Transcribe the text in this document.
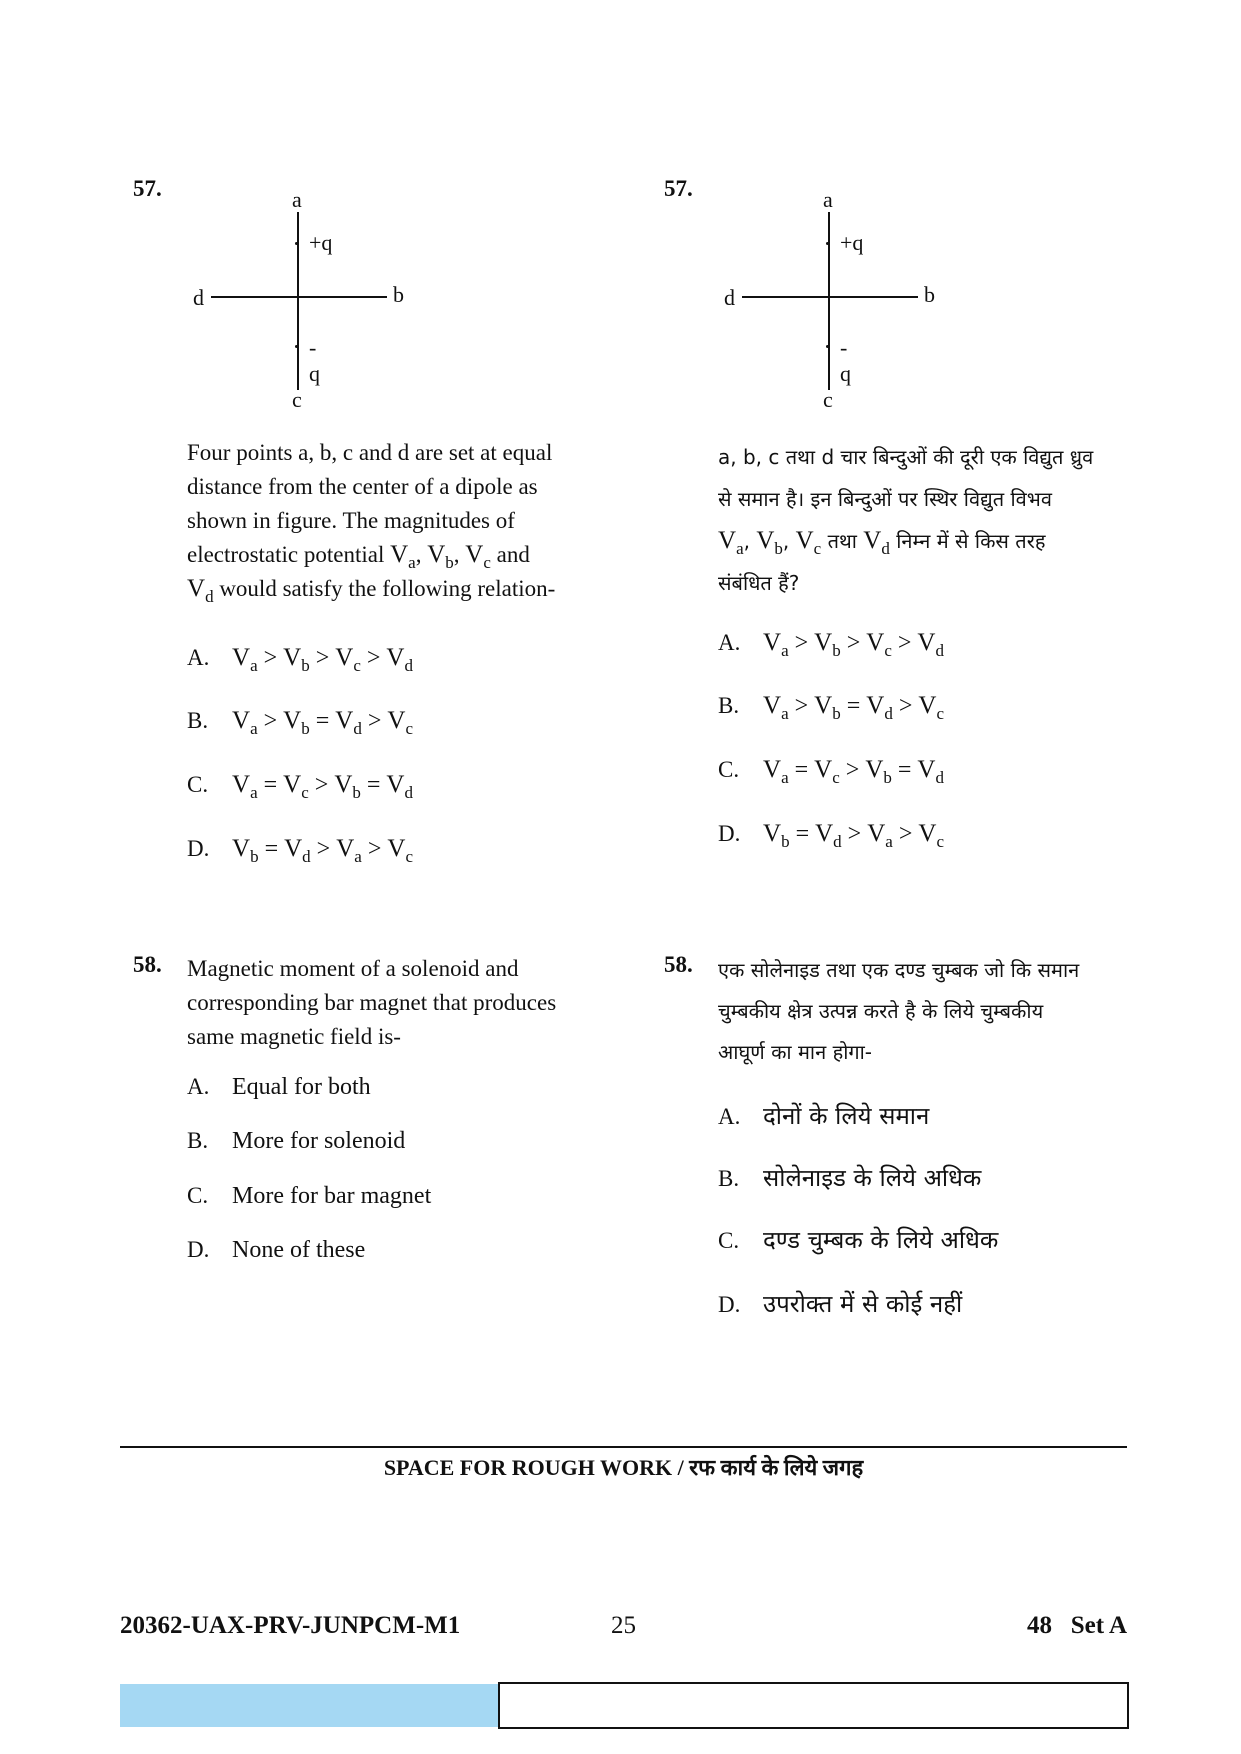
57.	a
b
c
d
+q
-q
Four points a, b, c and d are set at equal
distance from the center of a dipole as
shown in figure. The magnitudes of
electrostatic potential $V_a$, $V_b$, $V_c$ and
$V_d$ would satisfy the following relation-
A. $V_a > V_b > V_c > V_d$
B. $V_a > V_b = V_d > V_c$
C. $V_a = V_c > V_b = V_d$
D. $V_b = V_d > V_a > V_c$
57.	a
b
c
d
+q
-q
a, b, c तथा d चार बिन्दुओं की दूरी एक विद्युत ध्रुव
से समान है। इन बिन्दुओं पर स्थिर विद्युत विभव
$V_a$, $V_b$, $V_c$ तथा $V_d$ निम्न में से किस तरह
संबंधित हैं?
A. $V_a > V_b > V_c > V_d$
B. $V_a > V_b = V_d > V_c$
C. $V_a = V_c > V_b = V_d$
D. $V_b = V_d > V_a > V_c$
58. Magnetic moment of a solenoid and
corresponding bar magnet that produces
same magnetic field is-
A. Equal for both
B. More for solenoid
C. More for bar magnet
D. None of these
58. एक सोलेनाइड तथा एक दण्ड चुम्बक जो कि समान
चुम्बकीय क्षेत्र उत्पन्न करते है के लिये चुम्बकीय
आघूर्ण का मान होगा-
A. दोनों के लिये समान
B. सोलेनाइड के लिये अधिक
C. दण्ड चुम्बक के लिये अधिक
D. उपरोक्त में से कोई नहीं
SPACE FOR ROUGH WORK / रफ कार्य के लिये जगह
20362-UAX-PRV-JUNPCM-M1	25	48   Set A
